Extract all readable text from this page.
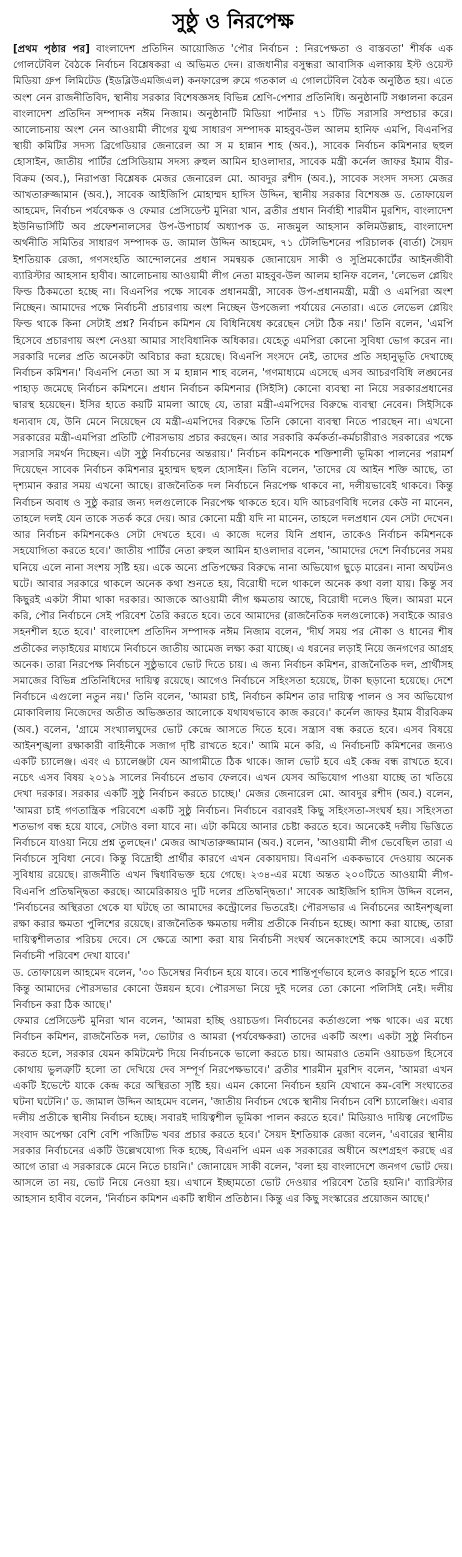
সুষ্ঠু ও নিরপেক্ষ

[প্রথম পৃষ্ঠার পর] বাংলাদেশ প্রতিদিন আয়োজিত 'পৌর নির্বাচন : নিরপেক্ষতা ও বাস্তবতা' শীর্ষক এক গোলটেবিল বৈঠকে নির্বাচন বিশ্লেষকরা এ অভিমত দেন। রাজধানীর বসুন্ধরা আবাসিক এলাকায় ইস্ট ওয়েস্ট মিডিয়া গ্রুপ লিমিটেড (ইডব্লিউএমজিএল) কনফারেন্স রুমে গতকাল এ গোলটেবিল বৈঠক অনুষ্ঠিত হয়। এতে অংশ নেন রাজনীতিবিদ, স্থানীয় সরকার বিশেষজ্ঞসহ বিভিন্ন শ্রেণি-পেশার প্রতিনিধি। অনুষ্ঠানটি সঞ্চালনা করেন বাংলাদেশ প্রতিদিন সম্পাদক নঈম নিজাম। অনুষ্ঠানটি মিডিয়া পার্টনার ৭১ টিভি সরাসরি সম্প্রচার করে। আলোচনায় অংশ নেন আওয়ামী লীগের যুগ্ম সাধারণ সম্পাদক মাহবুব-উল আলম হানিফ এমপি, বিএনপির স্থায়ী কমিটির সদস্য ব্রিগেডিয়ার জেনারেল আ স ম হান্নান শাহ (অব.), সাবেক নির্বাচন কমিশনার ছহুল হোসাইন, জাতীয় পার্টির প্রেসিডিয়াম সদস্য রুহুল আমিন হাওলাদার, সাবেক মন্ত্রী কর্নেল জাফর ইমাম বীর-বিক্রম (অব.), নিরাপত্তা বিশ্লেষক মেজর জেনারেল মো. আবদুর রশীদ (অব.), সাবেক সংসদ সদস্য মেজর আখতারুজ্জামান (অব.), সাবেক আইজিপি মোহাম্মদ হাদিস উদ্দিন, স্থানীয় সরকার বিশেষজ্ঞ ড. তোফায়েল আহমেদ, নির্বাচন পর্যবেক্ষক ও ফেমার প্রেসিডেন্ট মুনিরা খান, ব্রতীর প্রধান নির্বাহী শারমীন মুরশিদ, বাংলাদেশ ইউনিভার্সিটি অব প্রফেশনালসের উপ-উপাচার্য অধ্যাপক ড. নাজমুল আহসান কলিমউল্লাহ, বাংলাদেশ অর্থনীতি সমিতির সাধারণ সম্পাদক ড. জামাল উদ্দিন আহমেদ, ৭১ টেলিভিশনের পরিচালক (বার্তা) সৈয়দ ইশতিয়াক রেজা, গণসংহতি আন্দোলনের প্রধান সমন্বয়ক জোনায়েদ সাকী ও সুপ্রিমকোর্টের আইনজীবী ব্যারিস্টার আহসান হাবীব। আলোচনায় আওয়ামী লীগ নেতা মাহবুব-উল আলম হানিফ বলেন, 'লেভেল প্লেয়িং ফিল্ড ঠিকমতো হচ্ছে না। বিএনপির পক্ষে সাবেক প্রধানমন্ত্রী, সাবেক উপ-প্রধানমন্ত্রী, মন্ত্রী ও এমপিরা অংশ নিচ্ছেন। আমাদের পক্ষে নির্বাচনী প্রচারণায় অংশ নিচ্ছেন উপজেলা পর্যায়ের নেতারা। এতে লেভেল প্লেয়িং ফিল্ড থাকে কিনা সেটাই প্রশ্ন? নির্বাচন কমিশন যে বিধিনিষেধ করেছেন সেটা ঠিক নয়।' তিনি বলেন, 'এমপি হিসেবে প্রচারণায় অংশ নেওয়া আমার সাংবিধানিক অধিকার। যেহেতু এমপিরা কোনো সুবিধা ভোগ করেন না। সরকারি দলের প্রতি অনেকটা অবিচার করা হয়েছে। বিএনপি সংসদে নেই, তাদের প্রতি সহানুভূতি দেখাচ্ছে নির্বাচন কমিশন।' বিএনপি নেতা আ স ম হান্নান শাহ বলেন, 'গণমাধ্যমে এসেছে এসব আচরণবিধি লঙ্ঘনের পাহাড় জমেছে নির্বাচন কমিশনে। প্রধান নির্বাচন কমিশনার (সিইসি) কোনো ব্যবস্থা না নিয়ে সরকারপ্রধানের দ্বারস্থ হয়েছেন। ইসির হাতে কয়টি মামলা আছে যে, তারা মন্ত্রী-এমপিদের বিরুদ্ধে ব্যবস্থা নেবেন। সিইসিকে ধন্যবাদ যে, উনি মেনে নিয়েছেন যে মন্ত্রী-এমপিদের বিরুদ্ধে তিনি কোনো ব্যবস্থা নিতে পারছেন না। এখনো সরকারের মন্ত্রী-এমপিরা প্রতিটি পৌরসভায় প্রচার করছেন। আর সরকারি কর্মকর্তা-কর্মচারীরাও সরকারের পক্ষে সরাসরি সমর্থন দিচ্ছেন। এটা সুষ্ঠু নির্বাচনের অন্তরায়।' নির্বাচন কমিশনকে শক্তিশালী ভূমিকা পালনের পরামর্শ দিয়েছেন সাবেক নির্বাচন কমিশনার মুহাম্মদ ছহুল হোসাইন। তিনি বলেন, 'তাদের যে আইন শক্তি আছে, তা দৃশ্যমান করার সময় এখনো আছে। রাজনৈতিক দল নির্বাচনে নিরপেক্ষ থাকবে না, দলীয়ভাবেই থাকবে। কিন্তু নির্বাচন অবাধ ও সুষ্ঠু করার জন্য দলগুলোকে নিরপেক্ষ থাকতে হবে। যদি আচরণবিধি দলের কেউ না মানেন, তাহলে দলই যেন তাকে সতর্ক করে দেয়। আর কোনো মন্ত্রী যদি না মানেন, তাহলে দলপ্রধান যেন সেটা দেখেন। আর নির্বাচন কমিশনকেও সেটা দেখতে হবে। এ কাজে দলের যিনি প্রধান, তাকেও নির্বাচন কমিশনকে সহযোগিতা করতে হবে।' জাতীয় পার্টির নেতা রুহুল আমিন হাওলাদার বলেন, 'আমাদের দেশে নির্বাচনের সময় ঘনিয়ে এলে নানা সংশয় সৃষ্টি হয়। একে অন্যে প্রতিপক্ষের বিরুদ্ধে নানা অভিযোগ ছুড়ে মারেন। নানা অঘটনও ঘটে। আবার সরকারে থাকলে অনেক কথা শুনতে হয়, বিরোধী দলে থাকলে অনেক কথা বলা যায়। কিন্তু সব কিছুরই একটা সীমা থাকা দরকার। আজকে আওয়ামী লীগ ক্ষমতায় আছে, বিরোধী দলেও ছিল। আমরা মনে করি, পৌর নির্বাচনে সেই পরিবেশ তৈরি করতে হবে। তবে আমাদের (রাজনৈতিক দলগুলোকে) সবাইকে আরও সহনশীল হতে হবে।' বাংলাদেশ প্রতিদিন সম্পাদক নঈম নিজাম বলেন, 'দীর্ঘ সময় পর নৌকা ও ধানের শীষ প্রতীকের লড়াইয়ের মাধ্যমে নির্বাচনে জাতীয় আমেজ লক্ষ্য করা যাচ্ছে। এ ধরনের লড়াই নিয়ে জনগণের আগ্রহ অনেক। তারা নিরপেক্ষ নির্বাচনে সুষ্ঠুভাবে ভোট দিতে চায়। এ জন্য নির্বাচন কমিশন, রাজনৈতিক দল, প্রার্থীসহ সমাজের বিভিন্ন প্রতিনিধিদের দায়িত্ব রয়েছে। আগেও নির্বাচনে সহিংসতা হয়েছে, টাকা ছড়ানো হয়েছে। দেশে নির্বাচনে এগুলো নতুন নয়।' তিনি বলেন, 'আমরা চাই, নির্বাচন কমিশন তার দায়িত্ব পালন ও সব অভিযোগ মোকাবিলায় নিজেদের অতীত অভিজ্ঞতার আলোকে যথাযথভাবে কাজ করবে।' কর্নেল জাফর ইমাম বীরবিক্রম (অব.) বলেন, 'গ্রামে সংখ্যালঘুদের ভোট কেন্দ্রে আসতে দিতে হবে। সন্ত্রাস বন্ধ করতে হবে। এসব বিষয়ে আইনশৃঙ্খলা রক্ষাকারী বাহিনীকে সজাগ দৃষ্টি রাখতে হবে।' আমি মনে করি, এ নির্বাচনটি কমিশনের জন্যও একটি চ্যালেঞ্জ। এবং এ চ্যালেঞ্জটা যেন আগামীতে ঠিক থাকে। জাল ভোট হবে এই কেন্দ্র বন্ধ রাখতে হবে। নচেৎ এসব বিষয় ২০১৯ সালের নির্বাচনে প্রভাব ফেলবে। এখন যেসব অভিযোগ পাওয়া যাচ্ছে তা খতিয়ে দেখা দরকার। সরকার একটি সুষ্ঠু নির্বাচন করতে চাচ্ছে।' মেজর জেনারেল মো. আবদুর রশীদ (অব.) বলেন, 'আমরা চাই গণতান্ত্রিক পরিবেশে একটি সুষ্ঠু নির্বাচন। নির্বাচনে বরাবরই কিছু সহিংসতা-সংঘর্ষ হয়। সহিংসতা শতভাগ বন্ধ হয়ে যাবে, সেটাও বলা যাবে না। এটা কমিয়ে আনার চেষ্টা করতে হবে। অনেকেই দলীয় ভিত্তিতে নির্বাচনে যাওয়া নিয়ে প্রশ্ন তুলছেন।' মেজর আখতারুজ্জামান (অব.) বলেন, 'আওয়ামী লীগ ভেবেছিল তারা এ নির্বাচনে সুবিধা নেবে। কিন্তু বিদ্রোহী প্রার্থীর কারণে এখন বেকায়দায়। বিএনপি এককভাবে দেওয়ায় অনেক সুবিধায় রয়েছে। রাজনীতি এখন দ্বিধাবিভক্ত হয়ে গেছে। ২৩৪-এর মধ্যে অন্তত ২০০টিতে আওয়ামী লীগ-বিএনপি প্রতিদ্বন্দ্বিতা করছে। আমেরিকায়ও দুটি দলের প্রতিদ্বন্দ্বিতা।' সাবেক আইজিপি হাদিস উদ্দিন বলেন, 'নির্বাচনের অস্থিরতা থেকে যা ঘটছে তা আমাদের কন্ট্রোলের ভিতরেই। পৌরসভার এ নির্বাচনের আইনশৃঙ্খলা রক্ষা করার ক্ষমতা পুলিশের রয়েছে। রাজনৈতিক ক্ষমতায় দলীয় প্রতীকে নির্বাচন হচ্ছে। আশা করা যাচ্ছে, তারা দায়িত্বশীলতার পরিচয় দেবে। সে ক্ষেত্রে আশা করা যায় নির্বাচনী সংঘর্ষ অনেকাংশেই কমে আসবে। একটি নির্বাচনী পরিবেশ দেখা যাবে।'

ড. তোফায়েল আহমেদ বলেন, '৩০ ডিসেম্বর নির্বাচন হয়ে যাবে। তবে শান্তিপূর্ণভাবে হলেও কারচুপি হতে পারে। কিন্তু আমাদের পৌরসভার কোনো উন্নয়ন হবে। পৌরসভা নিয়ে দুই দলের তো কোনো পলিসিই নেই। দলীয় নির্বাচন করা ঠিক আছে।'

ফেমার প্রেসিডেন্ট মুনিরা খান বলেন, 'আমরা হচ্ছি ওয়াচডগ। নির্বাচনের কর্তাগুলো পক্ষ থাকে। এর মধ্যে নির্বাচন কমিশন, রাজনৈতিক দল, ভোটার ও আমরা (পর্যবেক্ষকরা) তাদের একটি অংশ। একটা সুষ্ঠু নির্বাচন করতে হলে, সরকার যেমন কমিটমেন্ট দিয়ে নির্বাচনকে ভালো করতে চায়। আমরাও তেমনি ওয়াচডগ হিসেবে কোথায় ভুলত্রুটি হলো তা দেখিয়ে দেব সম্পূর্ণ নিরপেক্ষভাবে।' ব্রতীর শারমীন মুরশিদ বলেন, 'আমরা এখন একটি ইভেন্টে যাকে কেন্দ্র করে অস্থিরতা সৃষ্টি হয়। এমন কোনো নির্বাচন হয়নি যেখানে কম-বেশি সংঘাতের ঘটনা ঘটেনি।' ড. জামাল উদ্দিন আহমেদ বলেন, 'জাতীয় নির্বাচন থেকে স্থানীয় নির্বাচন বেশি চ্যালেঞ্জিং। এবার দলীয় প্রতীকে স্থানীয় নির্বাচন হচ্ছে। সবারই দায়িত্বশীল ভূমিকা পালন করতে হবে।' মিডিয়াও দায়িত্ব নেগেটিভ সংবাদ অপেক্ষা বেশি বেশি পজিটিভ খবর প্রচার করতে হবে।' সৈয়দ ইশতিয়াক রেজা বলেন, 'এবারের স্থানীয় সরকার নির্বাচনের একটি উল্লেখযোগ্য দিক হচ্ছে, বিএনপি এমন এক সরকারের অধীনে অংশগ্রহণ করছে এর আগে তারা এ সরকারকে মেনে নিতে চায়নি।' জোনায়েদ সাকী বলেন, 'বলা হয় বাংলাদেশে জনগণ ভোট দেয়। আসলে তা নয়, ভোট নিয়ে নেওয়া হয়। এখানে ইচ্ছামতো ভোট দেওয়ার পরিবেশ তৈরি হয়নি।' ব্যারিস্টার আহসান হাবীব বলেন, 'নির্বাচন কমিশন একটি স্বাধীন প্রতিষ্ঠান। কিন্তু এর কিছু সংস্কারের প্রয়োজন আছে।'
